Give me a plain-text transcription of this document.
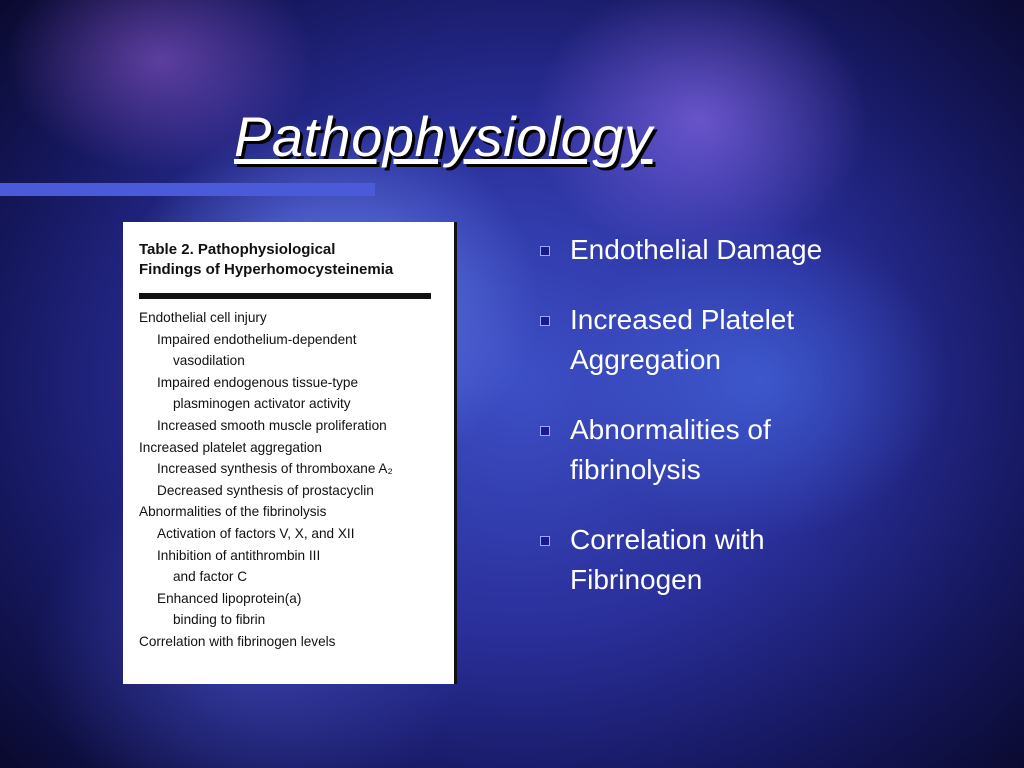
Pathophysiology

Table 2. Pathophysiological
Findings of Hyperhomocysteinemia

Endothelial cell injury
Impaired endothelium-dependent
vasodilation
Impaired endogenous tissue-type
plasminogen activator activity
Increased smooth muscle proliferation
Increased platelet aggregation
Increased synthesis of thromboxane A₂
Decreased synthesis of prostacyclin
Abnormalities of the fibrinolysis
Activation of factors V, X, and XII
Inhibition of antithrombin III
and factor C
Enhanced lipoprotein(a)
binding to fibrin
Correlation with fibrinogen levels
Endothelial Damage
Increased Platelet
Aggregation
Abnormalities of
fibrinolysis
Correlation with
Fibrinogen
